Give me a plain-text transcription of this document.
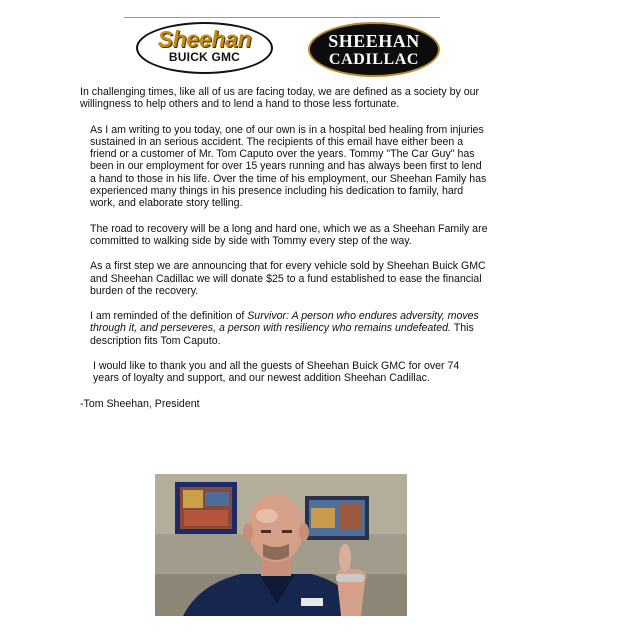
Sheehan
BUICK GMC
SHEEHAN
CADILLAC

In challenging times, like all of us are facing today, we are defined as a society by our willingness to help others and to lend a hand to those less fortunate.

As I am writing to you today, one of our own is in a hospital bed healing from injuries sustained in an serious accident. The recipients of this email have either been a friend or a customer of Mr. Tom Caputo over the years. Tommy "The Car Guy" has been in our employment for over 15 years running and has always been first to lend a hand to those in his life. Over the time of his employment, our Sheehan Family has experienced many things in his presence including his dedication to family, hard work, and elaborate story telling.

The road to recovery will be a long and hard one, which we as a Sheehan Family are committed to walking side by side with Tommy every step of the way.

As a first step we are announcing that for every vehicle sold by Sheehan Buick GMC and Sheehan Cadillac we will donate $25 to a fund established to ease the financial burden of the recovery.

I am reminded of the definition of Survivor: A person who endures adversity, moves through it, and perseveres, a person with resiliency who remains undefeated. This description fits Tom Caputo.

I would like to thank you and all the guests of Sheehan Buick GMC for over 74 years of loyalty and support, and our newest addition Sheehan Cadillac.

-Tom Sheehan, President
